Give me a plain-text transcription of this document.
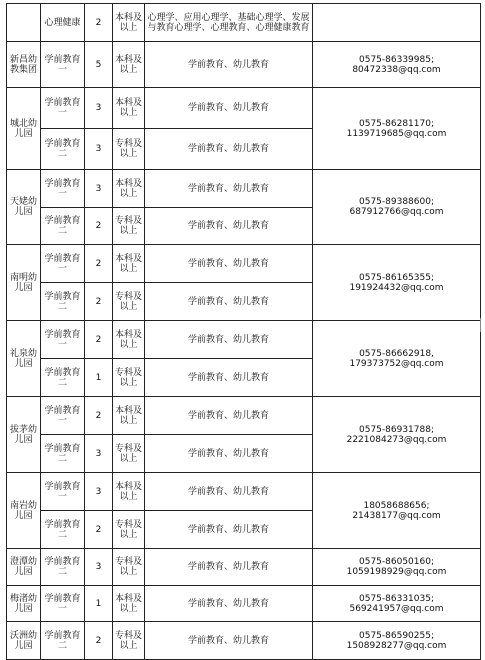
	心理健康	2	本科及以上	心理学、应用心理学、基础心理学、发展与教育心理学、心理教育、心理健康教育	
新昌幼教集团	学前教育一	5	本科及以上	学前教育、幼儿教育	0575-86339985;
80472338@qq.com

城北幼儿园	学前教育一	3	本科及以上	学前教育、幼儿教育	0575-86281170;
1139719685@qq.com

	学前教育二	3	专科及以上	学前教育、幼儿教育	
天姥幼儿园	学前教育一	3	本科及以上	学前教育、幼儿教育	0575-89388600;
687912766@qq.com

	学前教育二	2	专科及以上	学前教育、幼儿教育	
南明幼儿园	学前教育一	2	本科及以上	学前教育、幼儿教育	0575-86165355;
191924432@qq.com

	学前教育二	2	专科及以上	学前教育、幼儿教育	
礼泉幼儿园	学前教育一	2	本科及以上	学前教育、幼儿教育	0575-86662918,
179373752@qq.com

	学前教育二	1	专科及以上	学前教育、幼儿教育	
拔茅幼儿园	学前教育一	2	本科及以上	学前教育、幼儿教育	0575-86931788;
2221084273@qq.com

	学前教育二	3	专科及以上	学前教育、幼儿教育	
南岩幼儿园	学前教育一	3	本科及以上	学前教育、幼儿教育	18058688656;
21438177@qq.com

	学前教育二	2	专科及以上	学前教育、幼儿教育	
澄潭幼儿园	学前教育二	3	专科及以上	学前教育、幼儿教育	0575-86050160;
1059198929@qq.com

梅渚幼儿园	学前教育一	1	本科及以上	学前教育、幼儿教育	0575-86331035;
569241957@qq.com

沃洲幼儿园	学前教育二	2	专科及以上	学前教育、幼儿教育	0575-86590255;
1508928277@qq.com
